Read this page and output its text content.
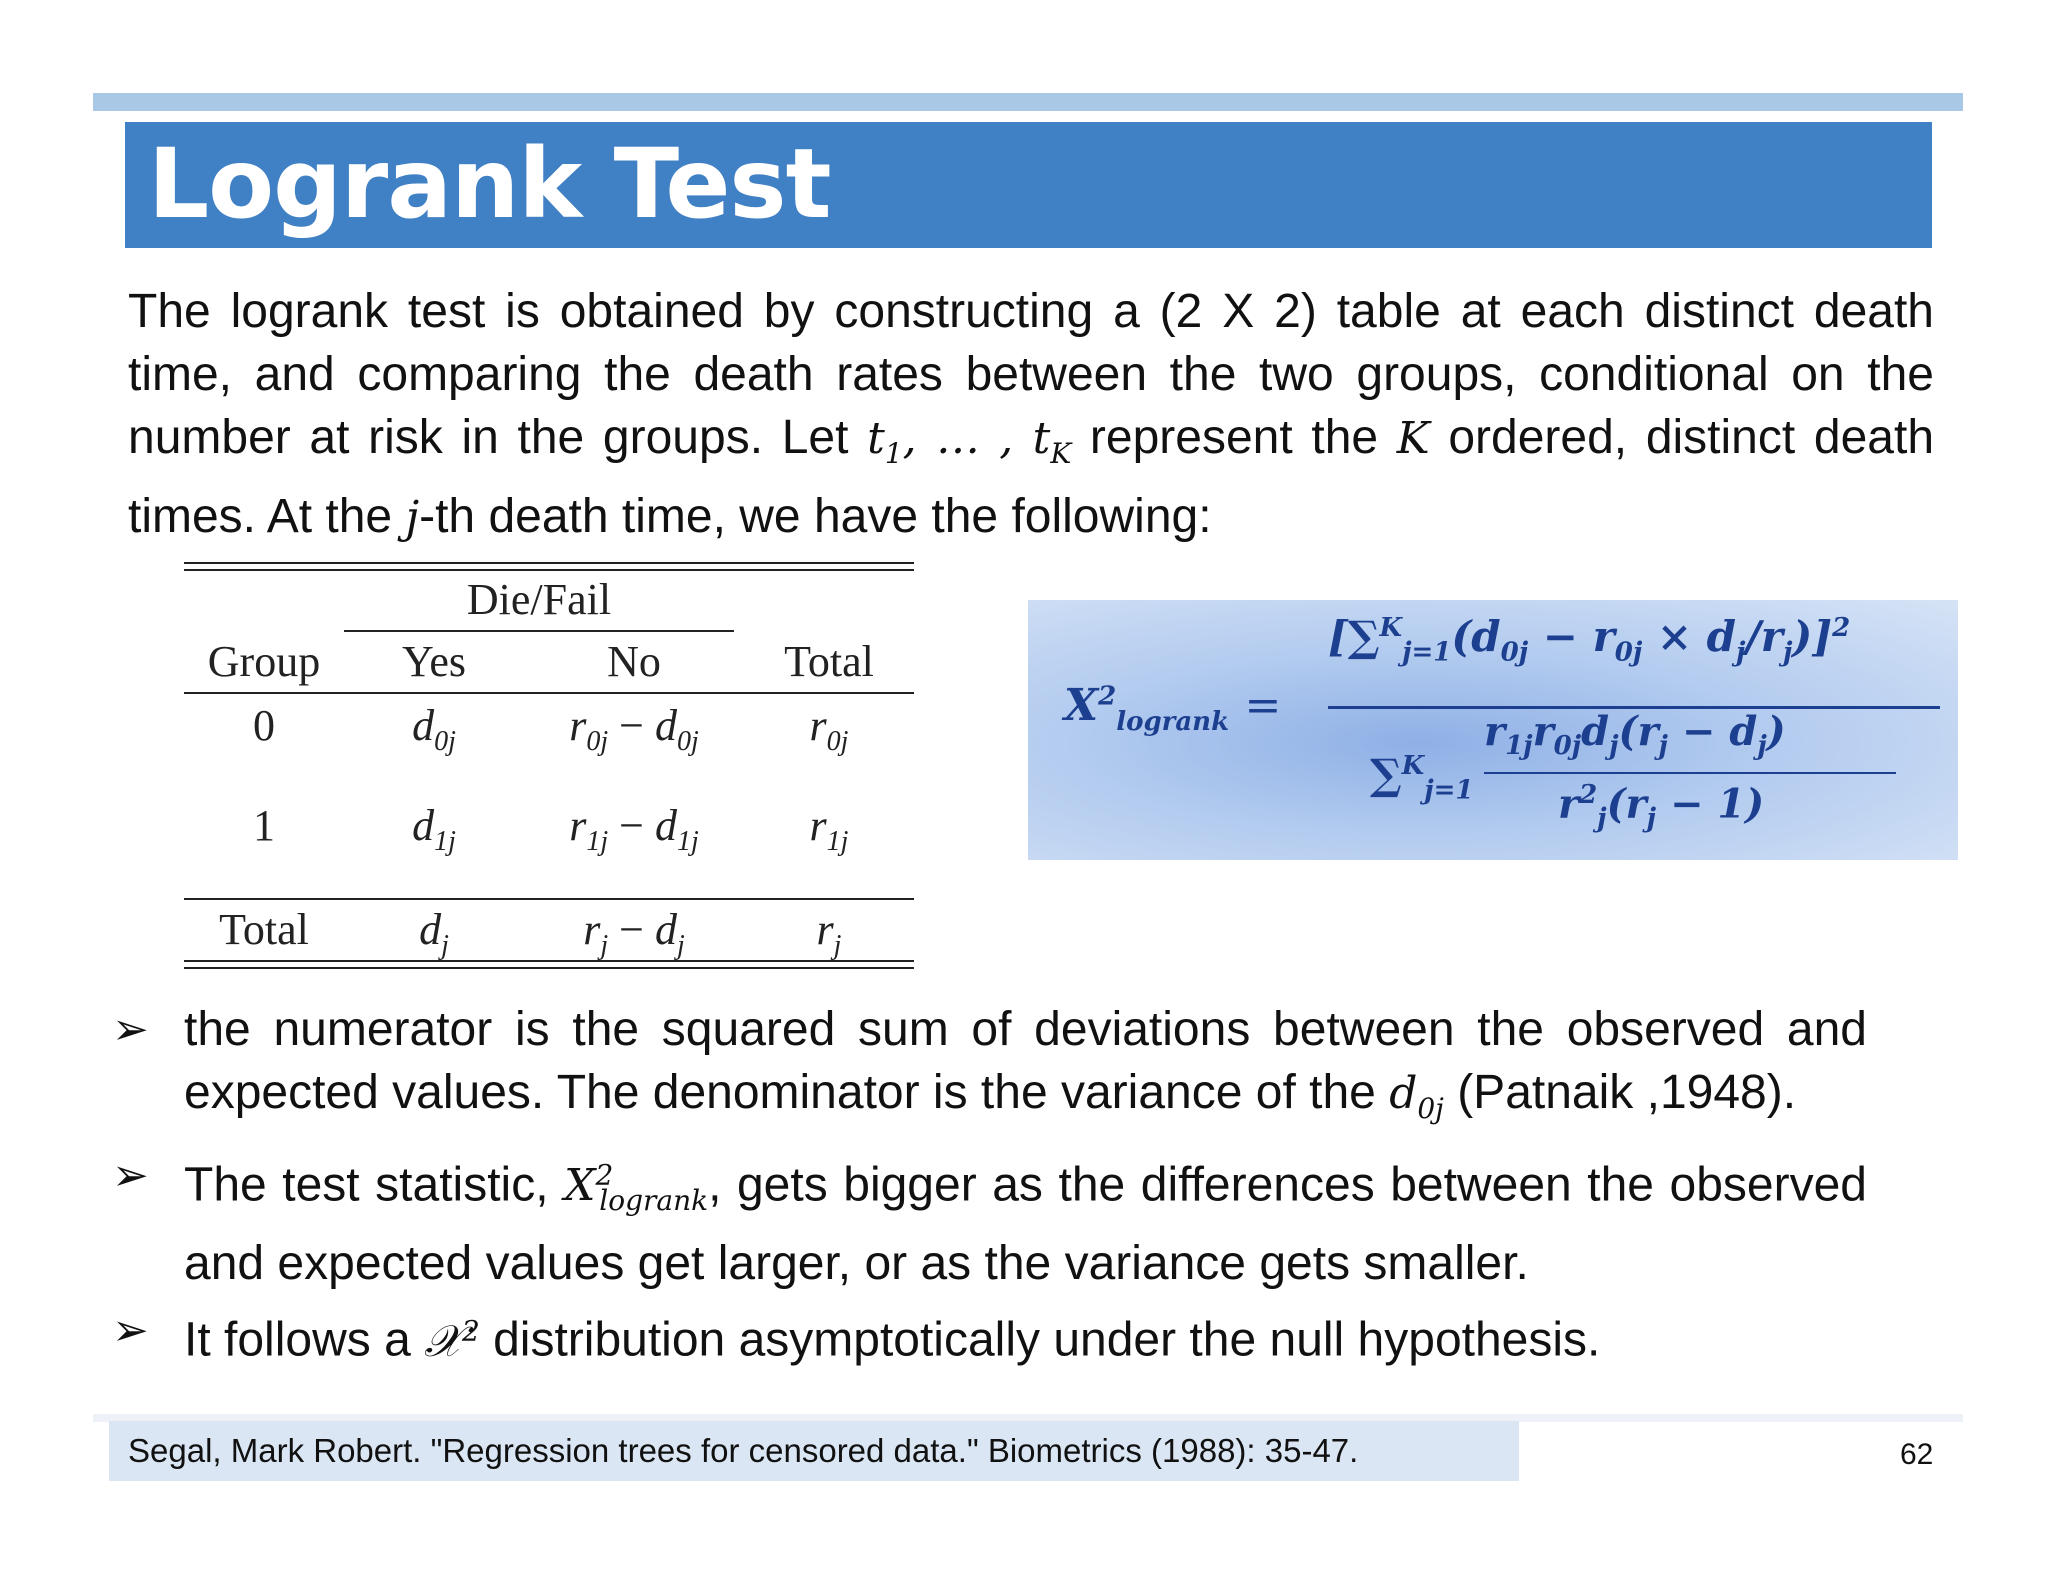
Logrank Test
The logrank test is obtained by constructing a (2 X 2) table at each distinct death time, and comparing the death rates between the two groups, conditional on the number at risk in the groups. Let $t_1$, … , $t_K$ represent the K ordered, distinct death times. At the j-th death time, we have the following:
Die/Fail
Group Yes	No	Total
0	$d_{0j}$	$r_{0j} - d_{0j}$	$r_{0j}$
1	$d_{1j}$	$r_{1j} - d_{1j}$	$r_{1j}$
Total	$d_j$	$r_j - d_j$	$r_j$
$X^2_{logrank}$ =
$[\sum^K_{j=1}(d_{0j} - r_{0j} \times d_j/r_j)]^2$
∑$^K_{j=1}$
$r_{1j}r_{0j}d_j(r_j - d_j)$
$r^2_j(r_j - 1)$
➢ the numerator is the squared sum of deviations between the observed and expected values. The denominator is the variance of the $d_{0j}$ (Patnaik ,1948).
➢ The test statistic, $X^2_{logrank}$, gets bigger as the differences between the observed and expected values get larger, or as the variance gets smaller.
➢ It follows a 𝒳$^2$ distribution asymptotically under the null hypothesis.
Segal, Mark Robert. "Regression trees for censored data." Biometrics (1988): 35-47.	62
